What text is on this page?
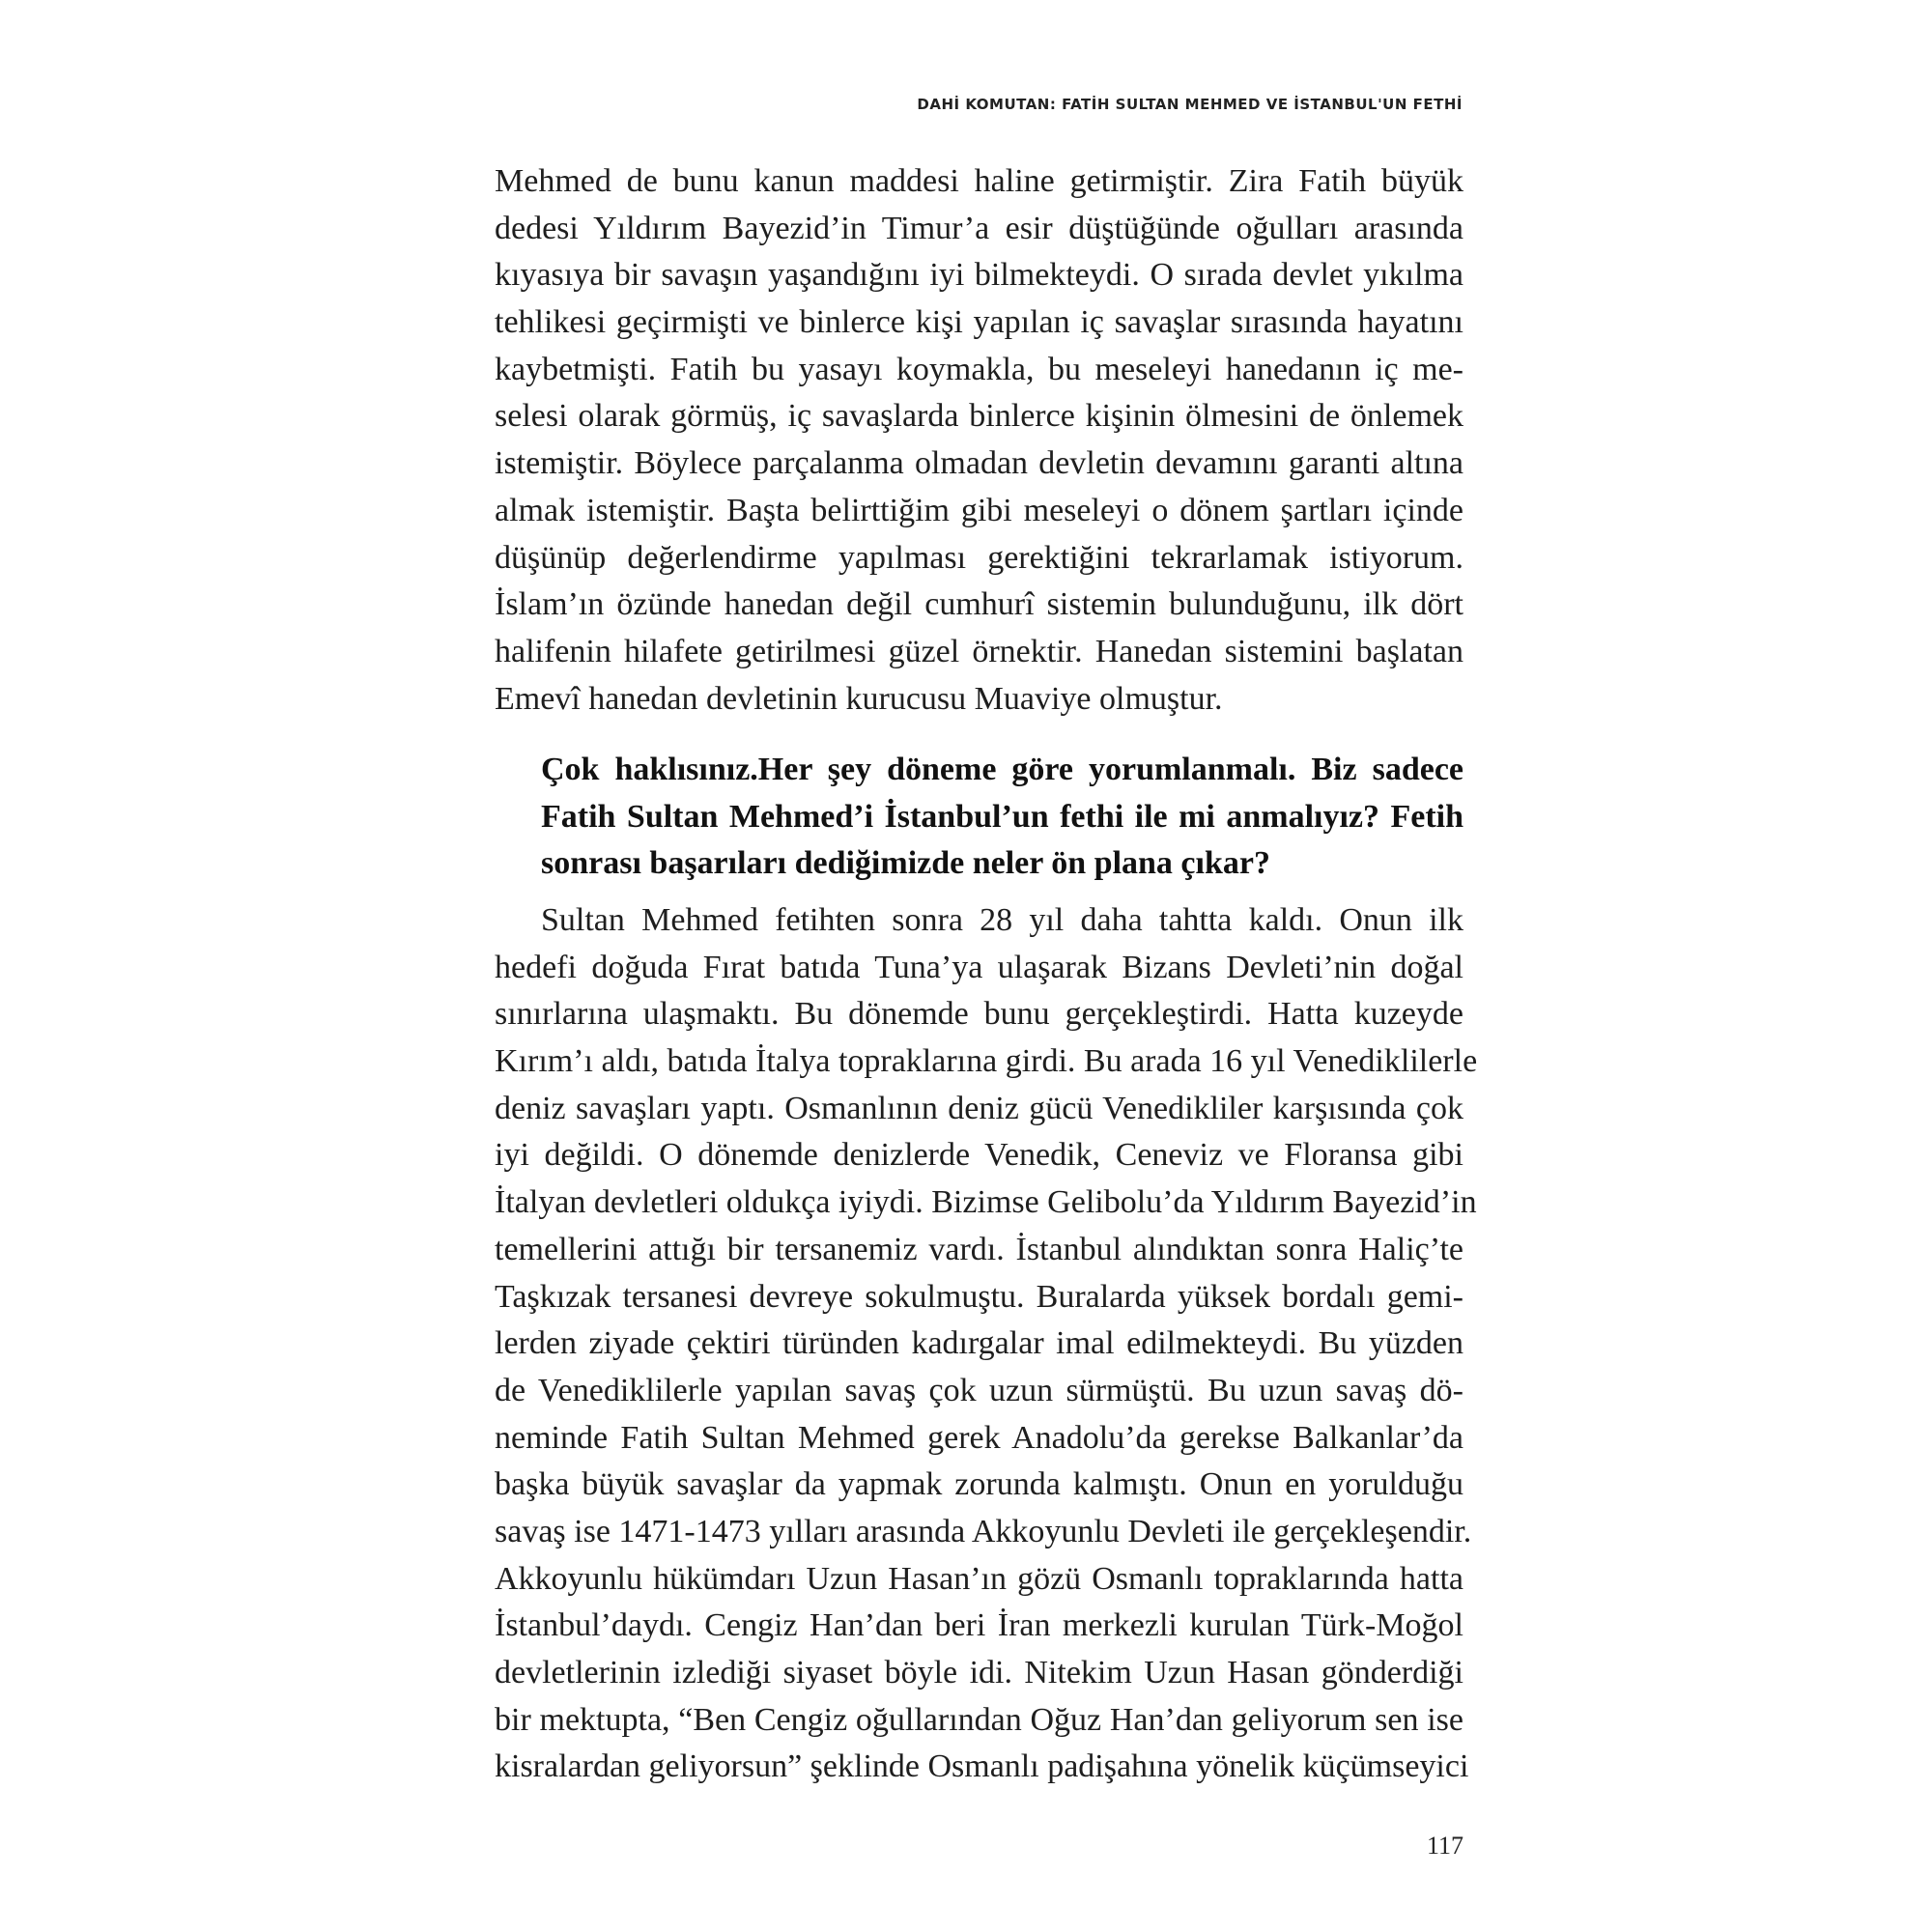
DAHİ KOMUTAN: FATİH SULTAN MEHMED VE İSTANBUL'UN FETHİ
Mehmed de bunu kanun maddesi haline getirmiştir. Zira Fatih büyük
dedesi Yıldırım Bayezid’in Timur’a esir düştüğünde oğulları arasında
kıyasıya bir savaşın yaşandığını iyi bilmekteydi. O sırada devlet yıkılma
tehlikesi geçirmişti ve binlerce kişi yapılan iç savaşlar sırasında hayatını
kaybetmişti. Fatih bu yasayı koymakla, bu meseleyi hanedanın iç me-
selesi olarak görmüş, iç savaşlarda binlerce kişinin ölmesini de önlemek
istemiştir. Böylece parçalanma olmadan devletin devamını garanti altına
almak istemiştir. Başta belirttiğim gibi meseleyi o dönem şartları içinde
düşünüp değerlendirme yapılması gerektiğini tekrarlamak istiyorum.
İslam’ın özünde hanedan değil cumhurî sistemin bulunduğunu, ilk dört
halifenin hilafete getirilmesi güzel örnektir. Hanedan sistemini başlatan
Emevî hanedan devletinin kurucusu Muaviye olmuştur.
Çok haklısınız.Her şey döneme göre yorumlanmalı. Biz sadece
Fatih Sultan Mehmed’i İstanbul’un fethi ile mi anmalıyız? Fetih
sonrası başarıları dediğimizde neler ön plana çıkar?
Sultan Mehmed fetihten sonra 28 yıl daha tahtta kaldı. Onun ilk
hedefi doğuda Fırat batıda Tuna’ya ulaşarak Bizans Devleti’nin doğal
sınırlarına ulaşmaktı. Bu dönemde bunu gerçekleştirdi. Hatta kuzeyde
Kırım’ı aldı, batıda İtalya topraklarına girdi. Bu arada 16 yıl Venediklilerle
deniz savaşları yaptı. Osmanlının deniz gücü Venedikliler karşısında çok
iyi değildi. O dönemde denizlerde Venedik, Ceneviz ve Floransa gibi
İtalyan devletleri oldukça iyiydi. Bizimse Gelibolu’da Yıldırım Bayezid’in
temellerini attığı bir tersanemiz vardı. İstanbul alındıktan sonra Haliç’te
Taşkızak tersanesi devreye sokulmuştu. Buralarda yüksek bordalı gemi-
lerden ziyade çektiri türünden kadırgalar imal edilmekteydi. Bu yüzden
de Venediklilerle yapılan savaş çok uzun sürmüştü. Bu uzun savaş dö-
neminde Fatih Sultan Mehmed gerek Anadolu’da gerekse Balkanlar’da
başka büyük savaşlar da yapmak zorunda kalmıştı. Onun en yorulduğu
savaş ise 1471-1473 yılları arasında Akkoyunlu Devleti ile gerçekleşendir.
Akkoyunlu hükümdarı Uzun Hasan’ın gözü Osmanlı topraklarında hatta
İstanbul’daydı. Cengiz Han’dan beri İran merkezli kurulan Türk-Moğol
devletlerinin izlediği siyaset böyle idi. Nitekim Uzun Hasan gönderdiği
bir mektupta, “Ben Cengiz oğullarından Oğuz Han’dan geliyorum sen ise
kisralardan geliyorsun” şeklinde Osmanlı padişahına yönelik küçümseyici
117
